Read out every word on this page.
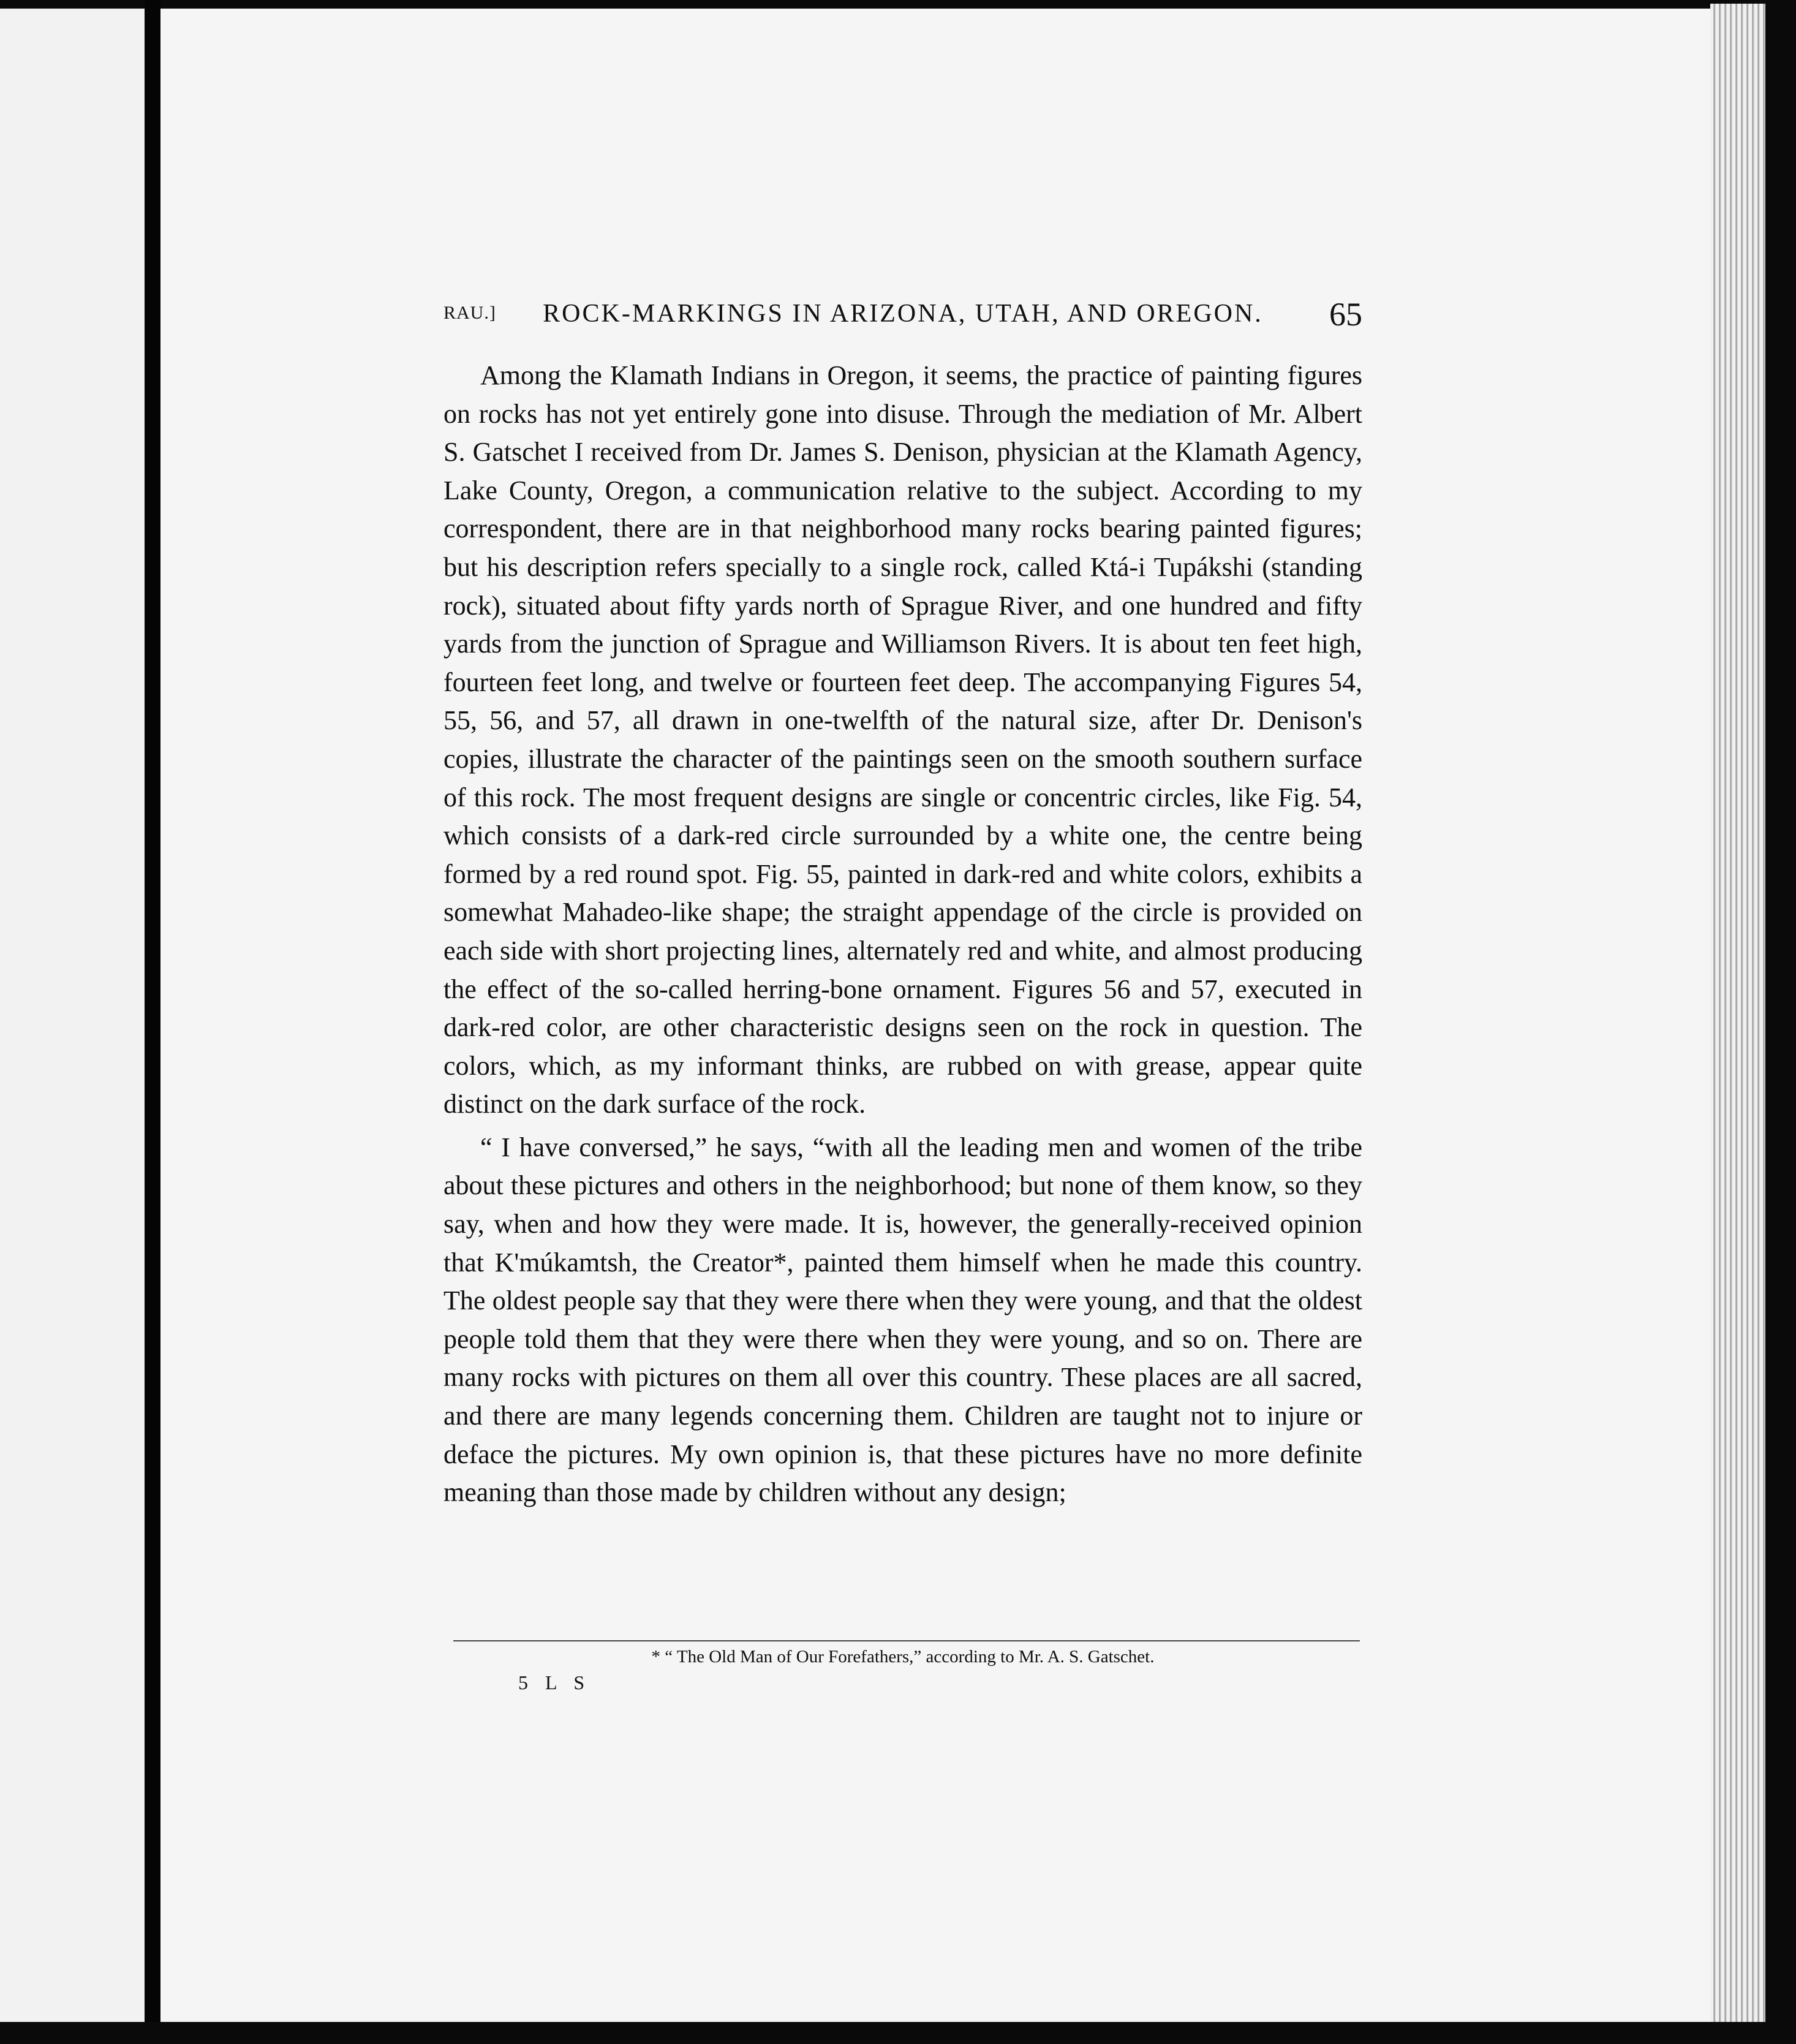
RAU.]	ROCK-MARKINGS IN ARIZONA, UTAH, AND OREGON.	65

Among the Klamath Indians in Oregon, it seems, the practice of painting figures on rocks has not yet entirely gone into disuse. Through the mediation of Mr. Albert S. Gatschet I received from Dr. James S. Denison, physician at the Klamath Agency, Lake County, Oregon, a communication relative to the subject. According to my correspondent, there are in that neighborhood many rocks bearing painted figures; but his description refers specially to a single rock, called Ktá-i Tupákshi (standing rock), situated about fifty yards north of Sprague River, and one hundred and fifty yards from the junction of Sprague and Williamson Rivers. It is about ten feet high, fourteen feet long, and twelve or fourteen feet deep. The accompanying Figures 54, 55, 56, and 57, all drawn in one-twelfth of the natural size, after Dr. Denison's copies, illustrate the character of the paintings seen on the smooth southern surface of this rock. The most frequent designs are single or concentric circles, like Fig. 54, which consists of a dark-red circle surrounded by a white one, the centre being formed by a red round spot. Fig. 55, painted in dark-red and white colors, exhibits a somewhat Mahadeo-like shape; the straight appendage of the circle is provided on each side with short projecting lines, alternately red and white, and almost producing the effect of the so-called herring-bone ornament. Figures 56 and 57, executed in dark-red color, are other characteristic designs seen on the rock in question. The colors, which, as my informant thinks, are rubbed on with grease, appear quite distinct on the dark surface of the rock.

“ I have conversed,” he says, “with all the leading men and women of the tribe about these pictures and others in the neighborhood; but none of them know, so they say, when and how they were made. It is, however, the generally-received opinion that K'múkamtsh, the Creator*, painted them himself when he made this country. The oldest people say that they were there when they were young, and that the oldest people told them that they were there when they were young, and so on. There are many rocks with pictures on them all over this country. These places are all sacred, and there are many legends concerning them. Children are taught not to injure or deface the pictures. My own opinion is, that these pictures have no more definite meaning than those made by children without any design;

* “ The Old Man of Our Forefathers,” according to Mr. A. S. Gatschet.
5 L S
